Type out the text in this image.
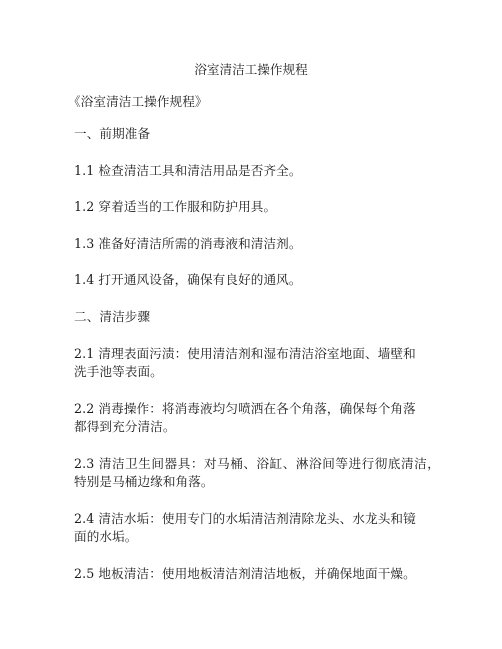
浴室清洁工操作规程
《浴室清洁工操作规程》
一、前期准备
1.1 检查清洁工具和清洁用品是否齐全。
1.2 穿着适当的工作服和防护用具。
1.3 准备好清洁所需的消毒液和清洁剂。
1.4 打开通风设备，确保有良好的通风。
二、清洁步骤
2.1 清理表面污渍：使用清洁剂和湿布清洁浴室地面、墙壁和
洗手池等表面。
2.2 消毒操作：将消毒液均匀喷洒在各个角落，确保每个角落
都得到充分清洁。
2.3 清洁卫生间器具：对马桶、浴缸、淋浴间等进行彻底清洁，
特别是马桶边缘和角落。
2.4 清洁水垢：使用专门的水垢清洁剂清除龙头、水龙头和镜
面的水垢。
2.5 地板清洁：使用地板清洁剂清洁地板，并确保地面干燥。
